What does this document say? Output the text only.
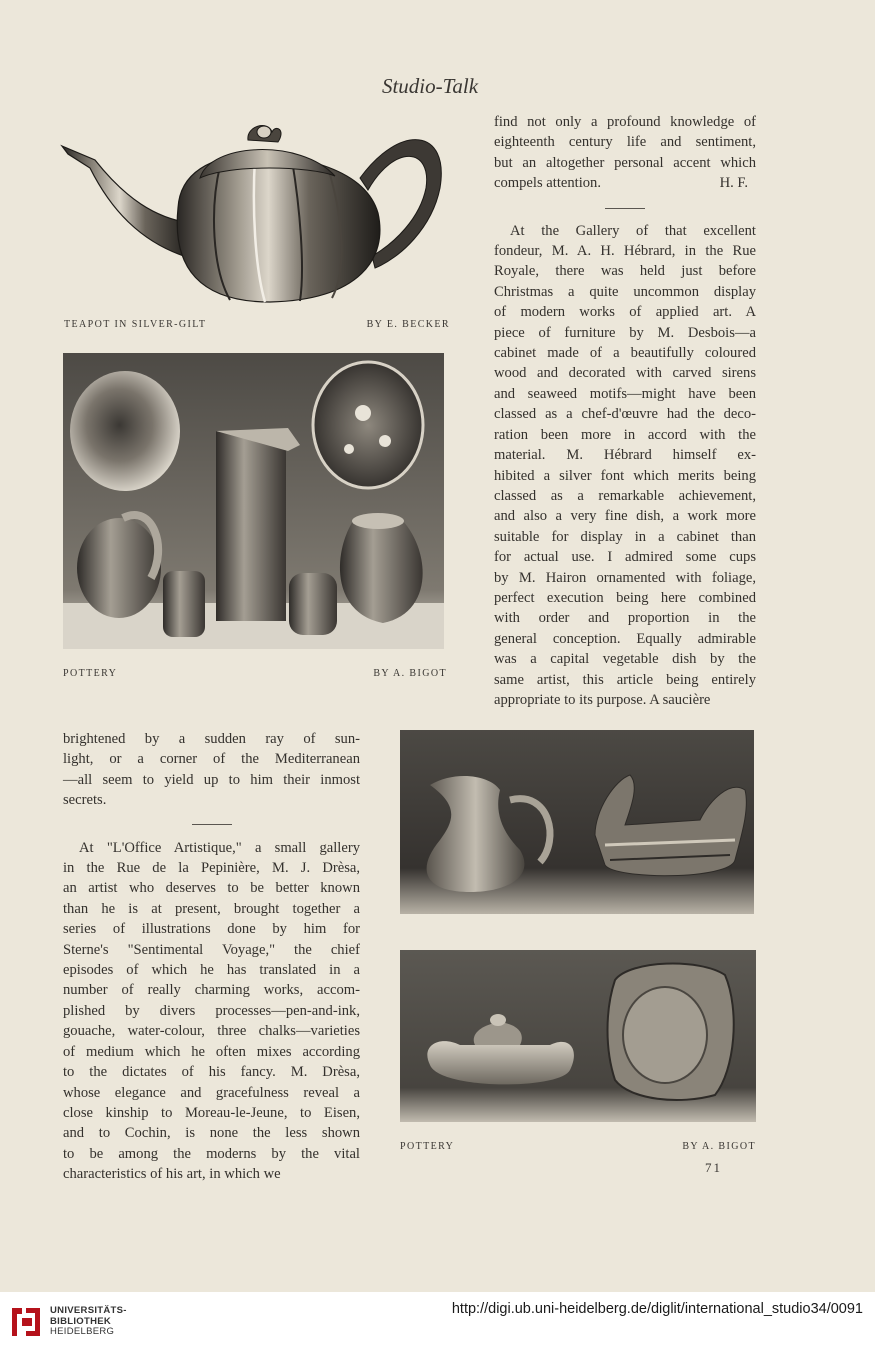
Studio-Talk
TEAPOT IN SILVER-GILT	BY E. BECKER
POTTERY	BY A. BIGOT

find not only a profound knowledge of
eighteenth century life and sentiment,
but an altogether personal accent which
compels attention.	H. F.

At the Gallery of that excellent
fondeur, M. A. H. Hébrard, in the Rue
Royale, there was held just before
Christmas a quite uncommon display
of modern works of applied art. A
piece of furniture by M. Desbois—a
cabinet made of a beautifully coloured
wood and decorated with carved sirens
and seaweed motifs—might have been
classed as a chef-d'œuvre had the deco-
ration been more in accord with the
material. M. Hébrard himself ex-
hibited a silver font which merits being
classed as a remarkable achievement,
and also a very fine dish, a work more
suitable for display in a cabinet than
for actual use. I admired some cups
by M. Hairon ornamented with foliage,
perfect execution being here combined
with order and proportion in the
general conception. Equally admirable
was a capital vegetable dish by the
same artist, this article being entirely
appropriate to its purpose. A saucière

POTTERY	BY A. BIGOT

brightened by a sudden ray of sun-
light, or a corner of the Mediterranean
—all seem to yield up to him their inmost
secrets.

At "L'Office Artistique," a small gallery
in the Rue de la Pepinière, M. J. Drèsa,
an artist who deserves to be better known
than he is at present, brought together a
series of illustrations done by him for
Sterne's "Sentimental Voyage," the chief
episodes of which he has translated in a
number of really charming works, accom-
plished by divers processes—pen-and-ink,
gouache, water-colour, three chalks—varieties
of medium which he often mixes according
to the dictates of his fancy. M. Drèsa,
whose elegance and gracefulness reveal a
close kinship to Moreau-le-Jeune, to Eisen,
and to Cochin, is none the less shown
to be among the moderns by the vital
characteristics of his art, in which we	71
UNIVERSITÄTS-
BIBLIOTHEK
HEIDELBERG
http://digi.ub.uni-heidelberg.de/diglit/international_studio34/0091
